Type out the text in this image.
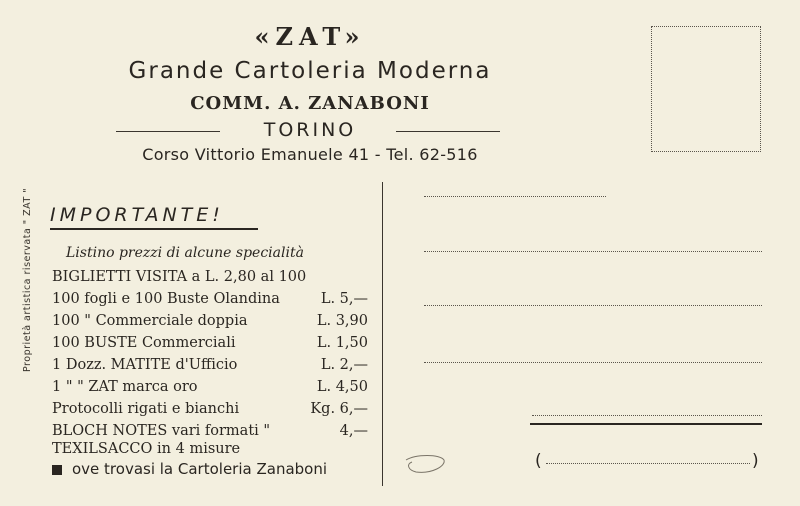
«ZAT»
Grande Cartoleria Moderna
COMM. A. ZANABONI
TORINO
Corso Vittorio Emanuele 41 - Tel. 62-516
Proprietà artistica riservata " ZAT " IMPORTANTE!
Listino prezzi di alcune specialità
BIGLIETTI VISITA a L. 2,80 al 100
100 fogli e 100 Buste Olandina	L. 5,—
100 " Commerciale doppia	L. 3,90
100 BUSTE Commerciali	L. 1,50
1 Dozz. MATITE d'Ufficio	L. 2,—
1 " " ZAT marca oro	L. 4,50
Protocolli rigati e bianchi	Kg. 6,—
BLOCH NOTES vari formati "	4,—
TEXILSACCO in 4 misure
ove trovasi la Cartoleria Zanaboni	(	)
